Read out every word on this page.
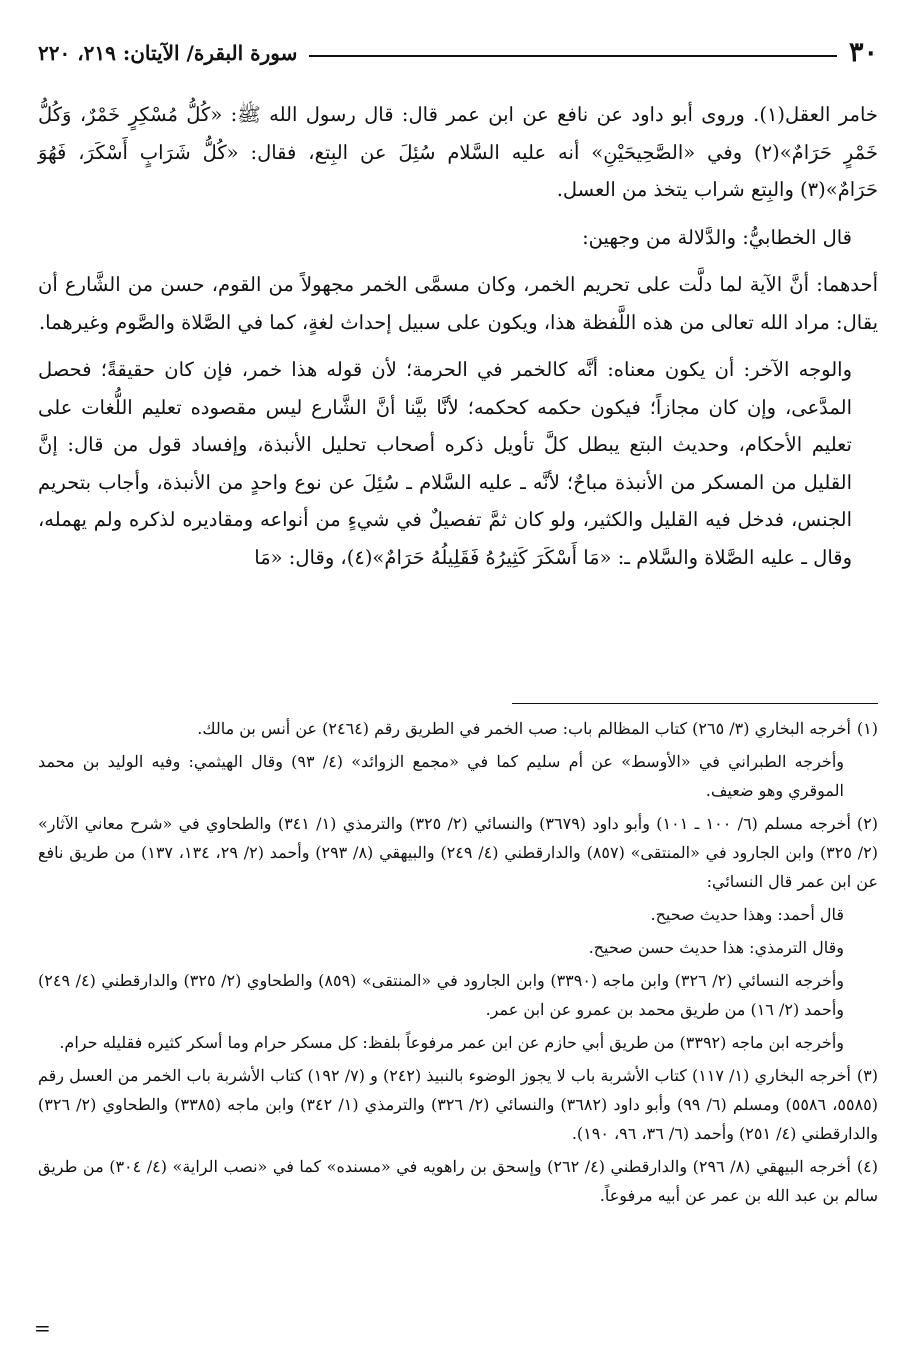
٣٠
سورة البقرة/ الآيتان: ٢١٩، ٢٢٠

خامر العقل(١). وروى أبو داود عن نافع عن ابن عمر قال: قال رسول الله ﷺ: «كُلُّ مُسْكِرٍ خَمْرٌ، وَكُلُّ خَمْرٍ حَرَامٌ»(٢) وفي «الصَّحِيحَيْنِ» أنه عليه السَّلام سُئِلَ عن البِتع، فقال: «كُلُّ شَرَابٍ أَسْكَرَ، فَهُوَ حَرَامٌ»(٣) والبِتع شراب يتخذ من العسل.

قال الخطابيُّ: والدَّلالة من وجهين:

أحدهما: أنَّ الآية لما دلَّت على تحريم الخمر، وكان مسمَّى الخمر مجهولاً من القوم، حسن من الشَّارع أن يقال: مراد الله تعالى من هذه اللَّفظة هذا، ويكون على سبيل إحداث لغةٍ، كما في الصَّلاة والصَّوم وغيرهما.

والوجه الآخر: أن يكون معناه: أنَّه كالخمر في الحرمة؛ لأن قوله هذا خمر، فإن كان حقيقةً؛ فحصل المدَّعى، وإن كان مجازاً؛ فيكون حكمه كحكمه؛ لأنَّا بيَّنا أنَّ الشَّارع ليس مقصوده تعليم اللُّغات على تعليم الأحكام، وحديث البتع يبطل كلَّ تأويل ذكره أصحاب تحليل الأنبذة، وإفساد قول من قال: إنَّ القليل من المسكر من الأنبذة مباحٌ؛ لأنَّه ـ عليه السَّلام ـ سُئِلَ عن نوع واحدٍ من الأنبذة، وأجاب بتحريم الجنس، فدخل فيه القليل والكثير، ولو كان ثمَّ تفصيلٌ في شيءٍ من أنواعه ومقاديره لذكره ولم يهمله، وقال ـ عليه الصَّلاة والسَّلام ـ: «مَا أَسْكَرَ كَثِيرُهُ فَقَلِيلُهُ حَرَامٌ»(٤)، وقال: «مَا

(١)أخرجه البخاري (٣/ ٢٦٥) كتاب المظالم باب: صب الخمر في الطريق رقم (٢٤٦٤) عن أنس بن مالك.

وأخرجه الطبراني في «الأوسط» عن أم سليم كما في «مجمع الزوائد» (٤/ ٩٣) وقال الهيثمي: وفيه الوليد بن محمد الموقري وهو ضعيف.

(٢)أخرجه مسلم (٦/ ١٠٠ ـ ١٠١) وأبو داود (٣٦٧٩) والنسائي (٢/ ٣٢٥) والترمذي (١/ ٣٤١) والطحاوي في «شرح معاني الآثار» (٢/ ٣٢٥) وابن الجارود في «المنتقى» (٨٥٧) والدارقطني (٤/ ٢٤٩) والبيهقي (٨/ ٢٩٣) وأحمد (٢/ ٢٩، ١٣٤، ١٣٧) من طريق نافع عن ابن عمر قال النسائي:

قال أحمد: وهذا حديث صحيح.

وقال الترمذي: هذا حديث حسن صحيح.

وأخرجه النسائي (٢/ ٣٢٦) وابن ماجه (٣٣٩٠) وابن الجارود في «المنتقى» (٨٥٩) والطحاوي (٢/ ٣٢٥) والدارقطني (٤/ ٢٤٩) وأحمد (٢/ ١٦) من طريق محمد بن عمرو عن ابن عمر.

وأخرجه ابن ماجه (٣٣٩٢) من طريق أبي حازم عن ابن عمر مرفوعاً بلفظ: كل مسكر حرام وما أسكر كثيره فقليله حرام.

(٣)أخرجه البخاري (١/ ١١٧) كتاب الأشربة باب لا يجوز الوضوء بالنبيذ (٢٤٢) و (٧/ ١٩٢) كتاب الأشربة باب الخمر من العسل رقم (٥٥٨٥، ٥٥٨٦) ومسلم (٦/ ٩٩) وأبو داود (٣٦٨٢) والنسائي (٢/ ٣٢٦) والترمذي (١/ ٣٤٢) وابن ماجه (٣٣٨٥) والطحاوي (٢/ ٣٢٦) والدارقطني (٤/ ٢٥١) وأحمد (٦/ ٣٦، ٩٦، ١٩٠).

(٤)أخرجه البيهقي (٨/ ٢٩٦) والدارقطني (٤/ ٢٦٢) وإسحق بن راهويه في «مسنده» كما في «نصب الراية» (٤/ ٣٠٤) من طريق سالم بن عبد الله بن عمر عن أبيه مرفوعاً.

=
